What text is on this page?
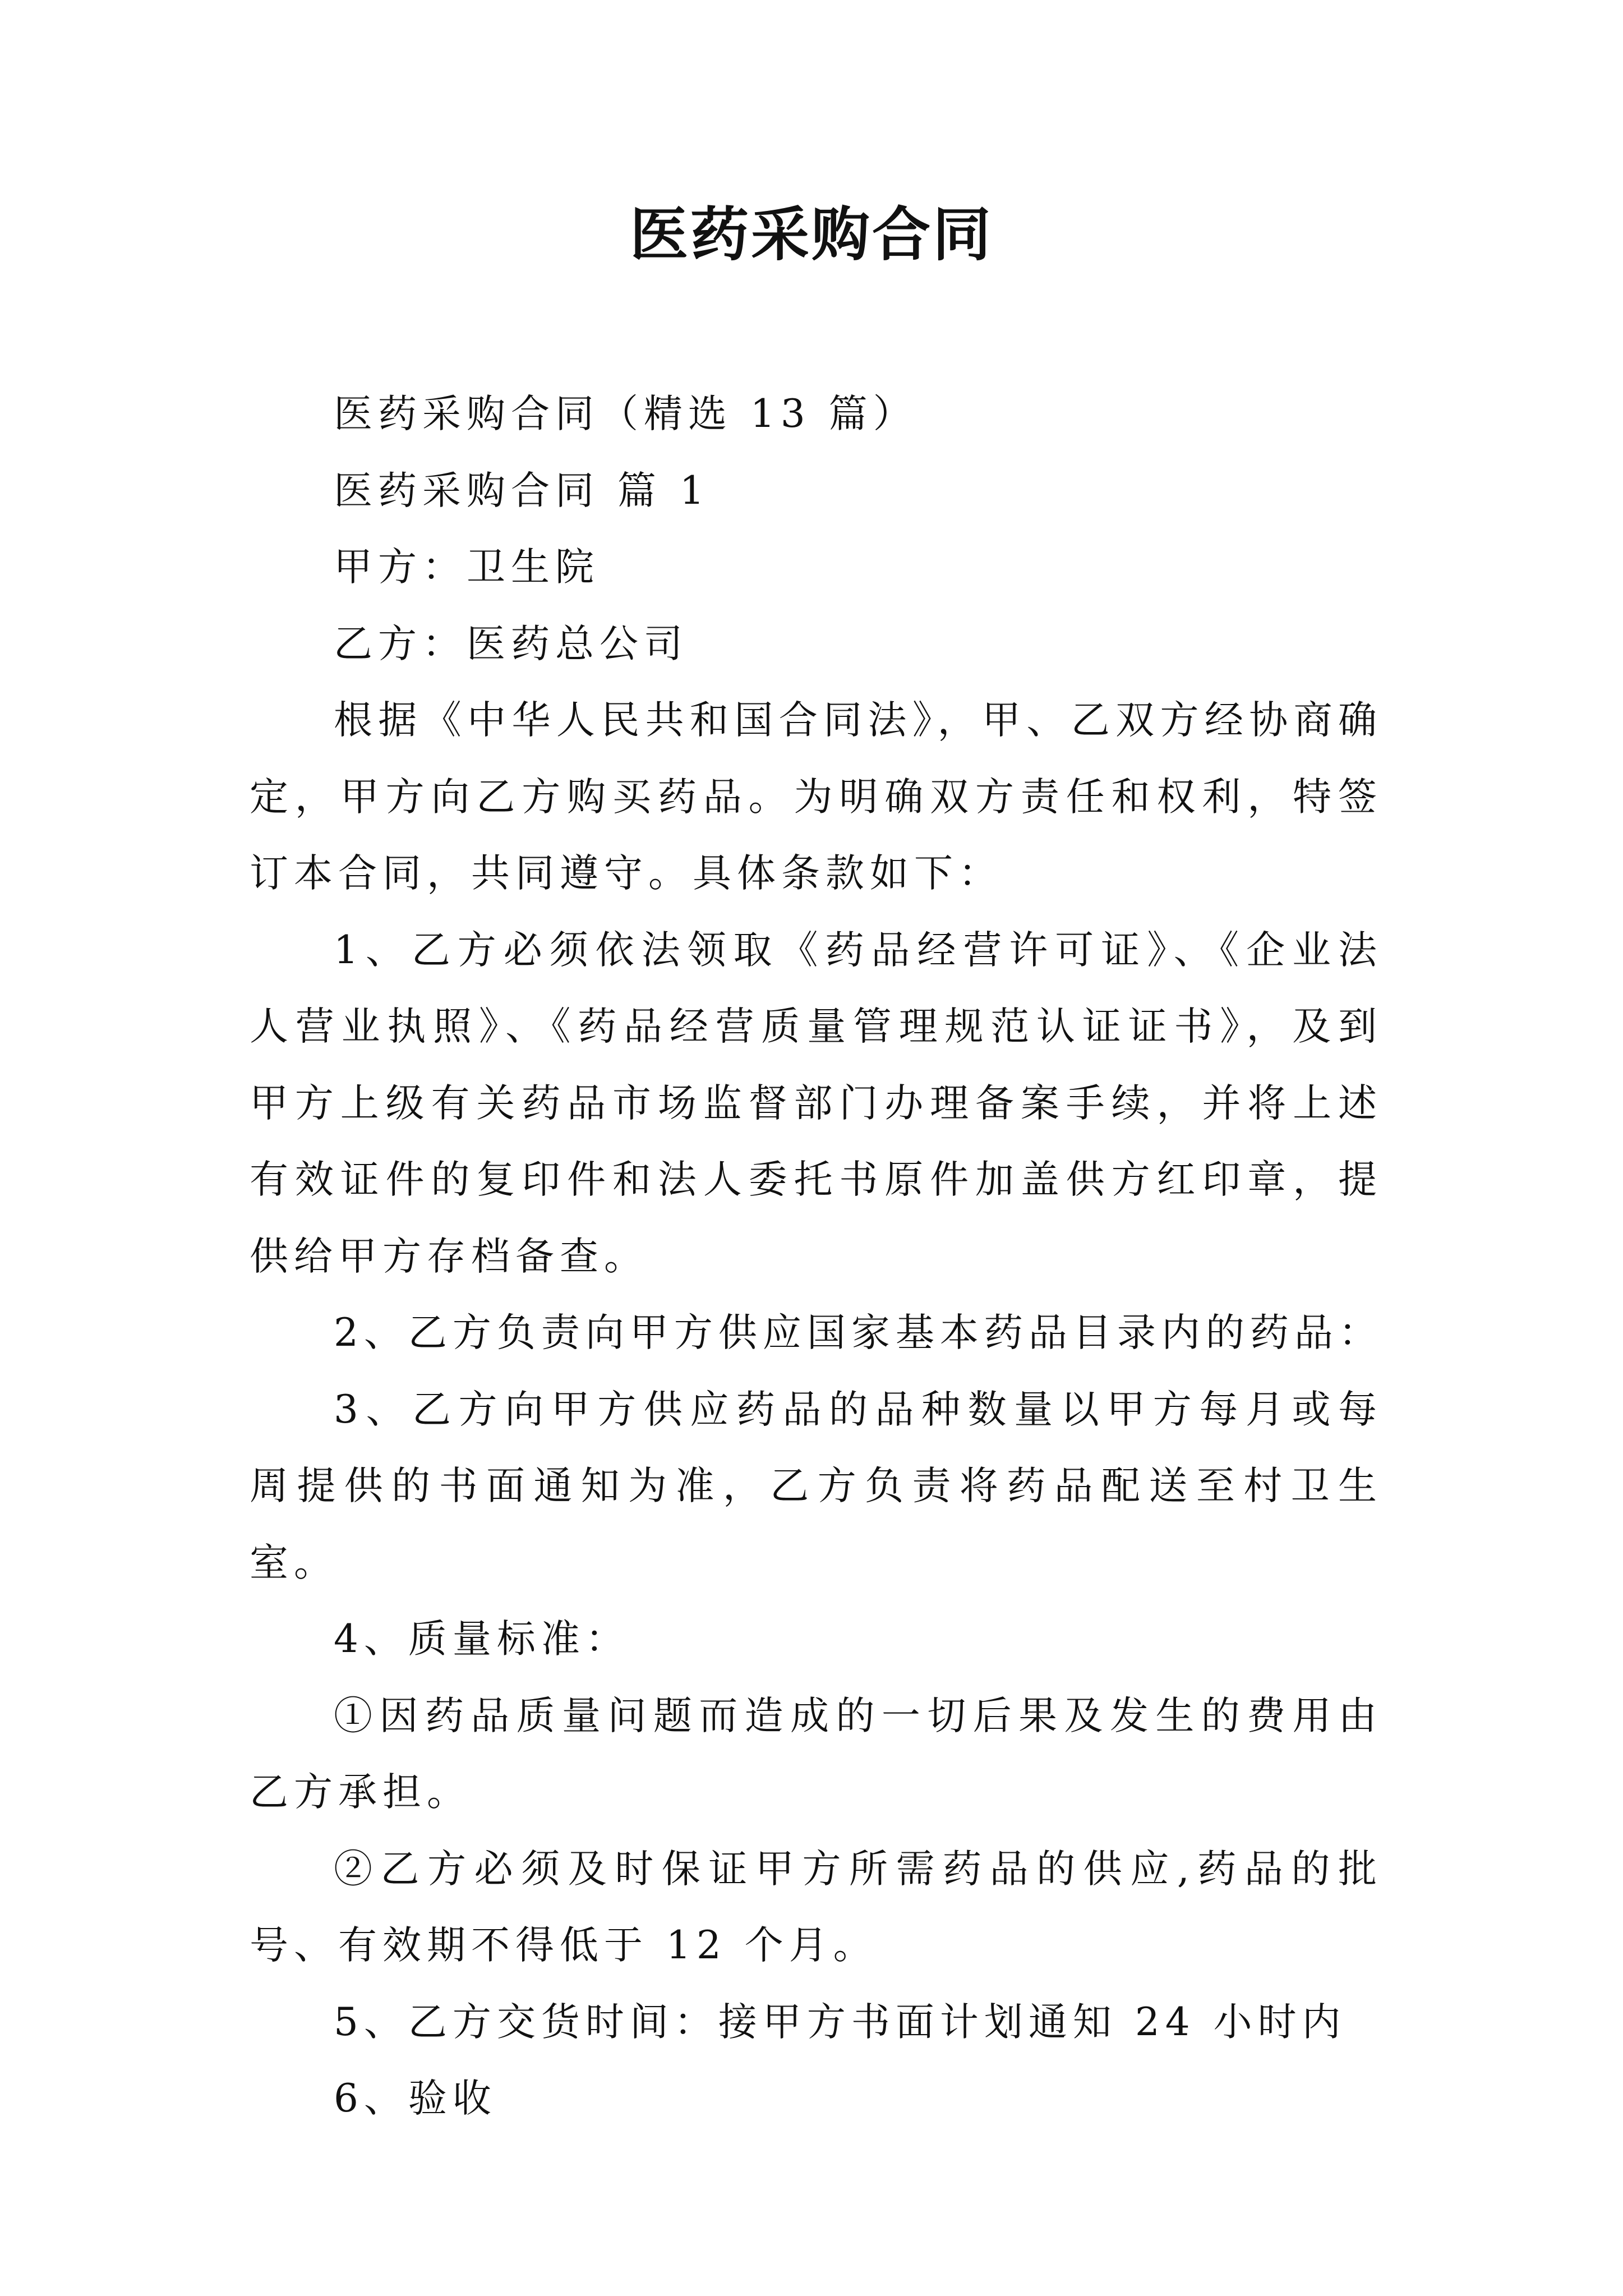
医药采购合同

医药采购合同（精选 13 篇）

医药采购合同 篇 1

甲方：卫生院

乙方：医药总公司

根据《中华人民共和国合同法》，甲、乙双方经协商确定，甲方向乙方购买药品。为明确双方责任和权利，特签订本合同，共同遵守。具体条款如下：

1、乙方必须依法领取《药品经营许可证》、《企业法人营业执照》、《药品经营质量管理规范认证证书》，及到甲方上级有关药品市场监督部门办理备案手续，并将上述有效证件的复印件和法人委托书原件加盖供方红印章，提供给甲方存档备查。

2、乙方负责向甲方供应国家基本药品目录内的药品：

3、乙方向甲方供应药品的品种数量以甲方每月或每周提供的书面通知为准，乙方负责将药品配送至村卫生室。

4、质量标准：

①因药品质量问题而造成的一切后果及发生的费用由乙方承担。

②乙方必须及时保证甲方所需药品的供应,药品的批号、有效期不得低于 12 个月。

5、乙方交货时间：接甲方书面计划通知 24 小时内

6、验收
